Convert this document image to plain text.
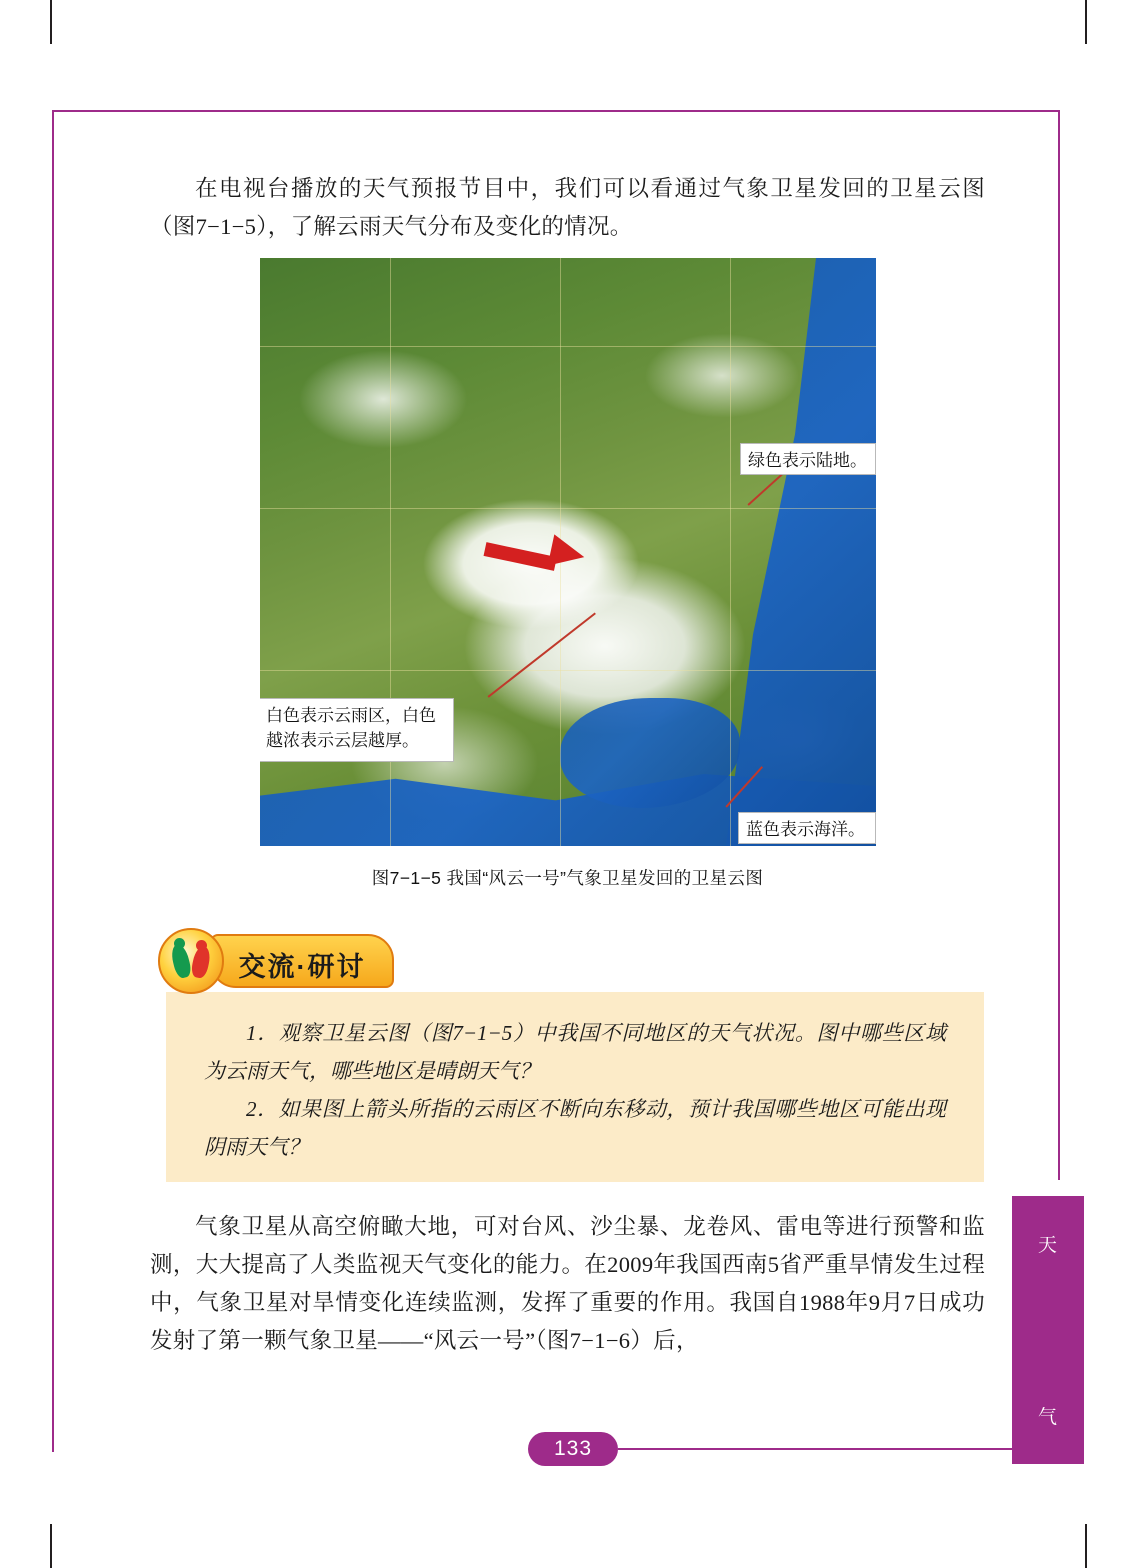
天
气

在电视台播放的天气预报节目中，我们可以看通过气象卫星发回的卫星云图（图7−1−5），了解云雨天气分布及变化的情况。

绿色表示陆地。
白色表示云雨区，白色越浓表示云层越厚。
蓝色表示海洋。
图7−1−5 我国“风云一号”气象卫星发回的卫星云图

1．观察卫星云图（图7−1−5）中我国不同地区的天气状况。图中哪些区域为云雨天气，哪些地区是晴朗天气？

2．如果图上箭头所指的云雨区不断向东移动，预计我国哪些地区可能出现阴雨天气？

交流·研讨

气象卫星从高空俯瞰大地，可对台风、沙尘暴、龙卷风、雷电等进行预警和监测，大大提高了人类监视天气变化的能力。在2009年我国西南5省严重旱情发生过程中，气象卫星对旱情变化连续监测，发挥了重要的作用。我国自1988年9月7日成功发射了第一颗气象卫星——“风云一号”（图7−1−6）后，

133
